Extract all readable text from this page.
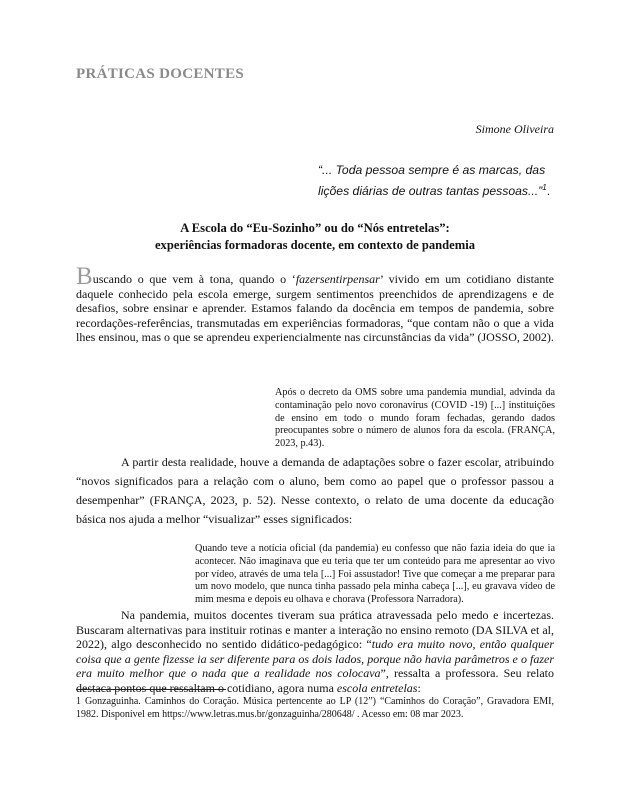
PRÁTICAS DOCENTES
Simone Oliveira
“... Toda pessoa sempre é as marcas, das lições diárias de outras tantas pessoas...”$^1$.
A Escola do “Eu-Sozinho” ou do “Nós entretelas”:
experiências formadoras docente, em contexto de pandemia

Buscando o que vem à tona, quando o ‘fazersentirpensar’ vivido em um cotidiano distante daquele conhecido pela escola emerge, surgem sentimentos preenchidos de aprendizagens e de desafios, sobre ensinar e aprender. Estamos falando da docência em tempos de pandemia, sobre recordações-referências, transmutadas em experiências formadoras, “que contam não o que a vida lhes ensinou, mas o que se aprendeu experiencialmente nas circunstâncias da vida” (JOSSO, 2002).

Após o decreto da OMS sobre uma pandemia mundial, advinda da contaminação pelo novo coronavírus (COVID -19) [...] instituições de ensino em todo o mundo foram fechadas, gerando dados preocupantes sobre o número de alunos fora da escola. (FRANÇA, 2023, p.43).

A partir desta realidade, houve a demanda de adaptações sobre o fazer escolar, atribuindo “novos significados para a relação com o aluno, bem como ao papel que o professor passou a desempenhar” (FRANÇA, 2023, p. 52). Nesse contexto, o relato de uma docente da educação básica nos ajuda a melhor “visualizar” esses significados:

Quando teve a notícia oficial (da pandemia) eu confesso que não fazia ideia do que ia acontecer. Não imaginava que eu teria que ter um conteúdo para me apresentar ao vivo por vídeo, através de uma tela [...] Foi assustador! Tive que começar a me preparar para um novo modelo, que nunca tinha passado pela minha cabeça [...], eu gravava vídeo de mim mesma e depois eu olhava e chorava (Professora Narradora).

Na pandemia, muitos docentes tiveram sua prática atravessada pelo medo e incertezas. Buscaram alternativas para instituir rotinas e manter a interação no ensino remoto (DA SILVA et al, 2022), algo desconhecido no sentido didático-pedagógico: “tudo era muito novo, então qualquer coisa que a gente fizesse ia ser diferente para os dois lados, porque não havia parâmetros e o fazer era muito melhor que o nada que a realidade nos colocava”, ressalta a professora. Seu relato destaca pontos que ressaltam o cotidiano, agora numa escola entretelas:

1 Gonzaguinha. Caminhos do Coração. Música pertencente ao LP (12”) “Caminhos do Coração”, Gravadora EMI, 1982. Disponível em https://www.letras.mus.br/gonzaguinha/280648/ . Acesso em: 08 mar 2023.
